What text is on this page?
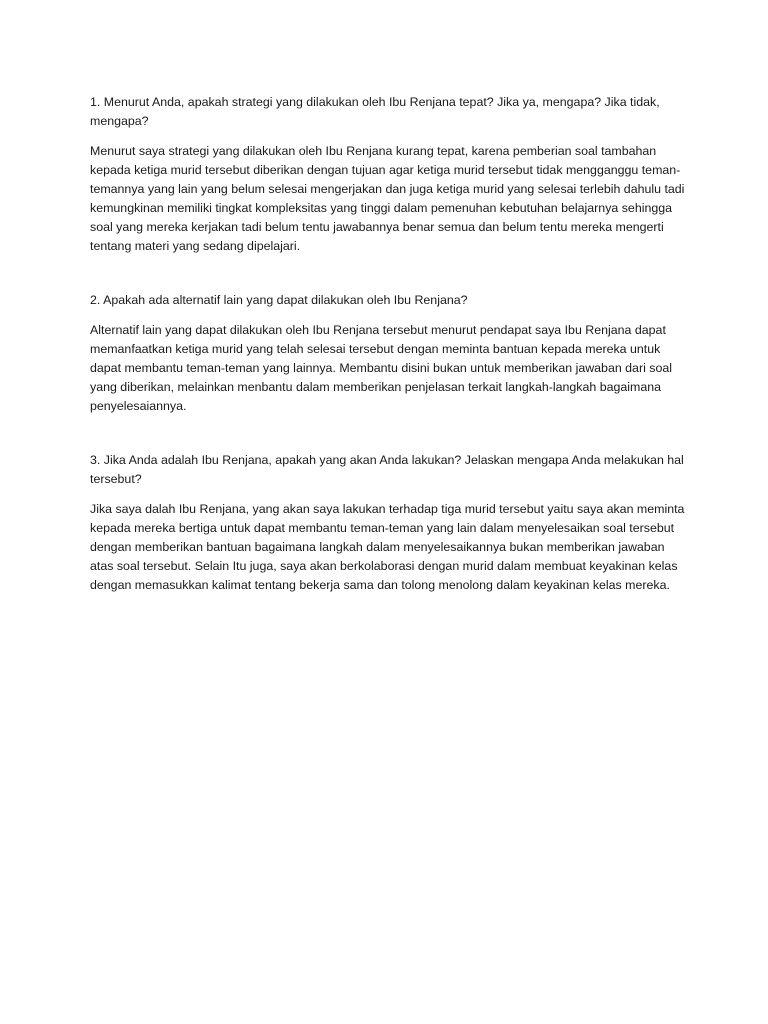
1. Menurut Anda, apakah strategi yang dilakukan oleh Ibu Renjana tepat? Jika ya, mengapa? Jika tidak, mengapa?

Menurut saya strategi yang dilakukan oleh Ibu Renjana kurang tepat, karena pemberian soal tambahan kepada ketiga murid tersebut diberikan dengan tujuan agar ketiga murid tersebut tidak mengganggu teman-temannya yang lain yang belum selesai mengerjakan dan juga ketiga murid yang selesai terlebih dahulu tadi kemungkinan memiliki tingkat kompleksitas yang tinggi dalam pemenuhan kebutuhan belajarnya sehingga soal yang mereka kerjakan tadi belum tentu jawabannya benar semua dan belum tentu mereka mengerti tentang materi yang sedang dipelajari.

2. Apakah ada alternatif lain yang dapat dilakukan oleh Ibu Renjana?

Alternatif lain yang dapat dilakukan oleh Ibu Renjana tersebut menurut pendapat saya Ibu Renjana dapat memanfaatkan ketiga murid yang telah selesai tersebut dengan meminta bantuan kepada mereka untuk dapat membantu teman-teman yang lainnya. Membantu disini bukan untuk memberikan jawaban dari soal yang diberikan, melainkan menbantu dalam memberikan penjelasan terkait langkah-langkah bagaimana penyelesaiannya.

3. Jika Anda adalah Ibu Renjana, apakah yang akan Anda lakukan? Jelaskan mengapa Anda melakukan hal tersebut?

Jika saya dalah Ibu Renjana, yang akan saya lakukan terhadap tiga murid tersebut yaitu saya akan meminta kepada mereka bertiga untuk dapat membantu teman-teman yang lain dalam menyelesaikan soal tersebut dengan memberikan bantuan bagaimana langkah dalam menyelesaikannya bukan memberikan jawaban atas soal tersebut. Selain Itu juga, saya akan berkolaborasi dengan murid dalam membuat keyakinan kelas dengan memasukkan kalimat tentang bekerja sama dan tolong menolong dalam keyakinan kelas mereka.
